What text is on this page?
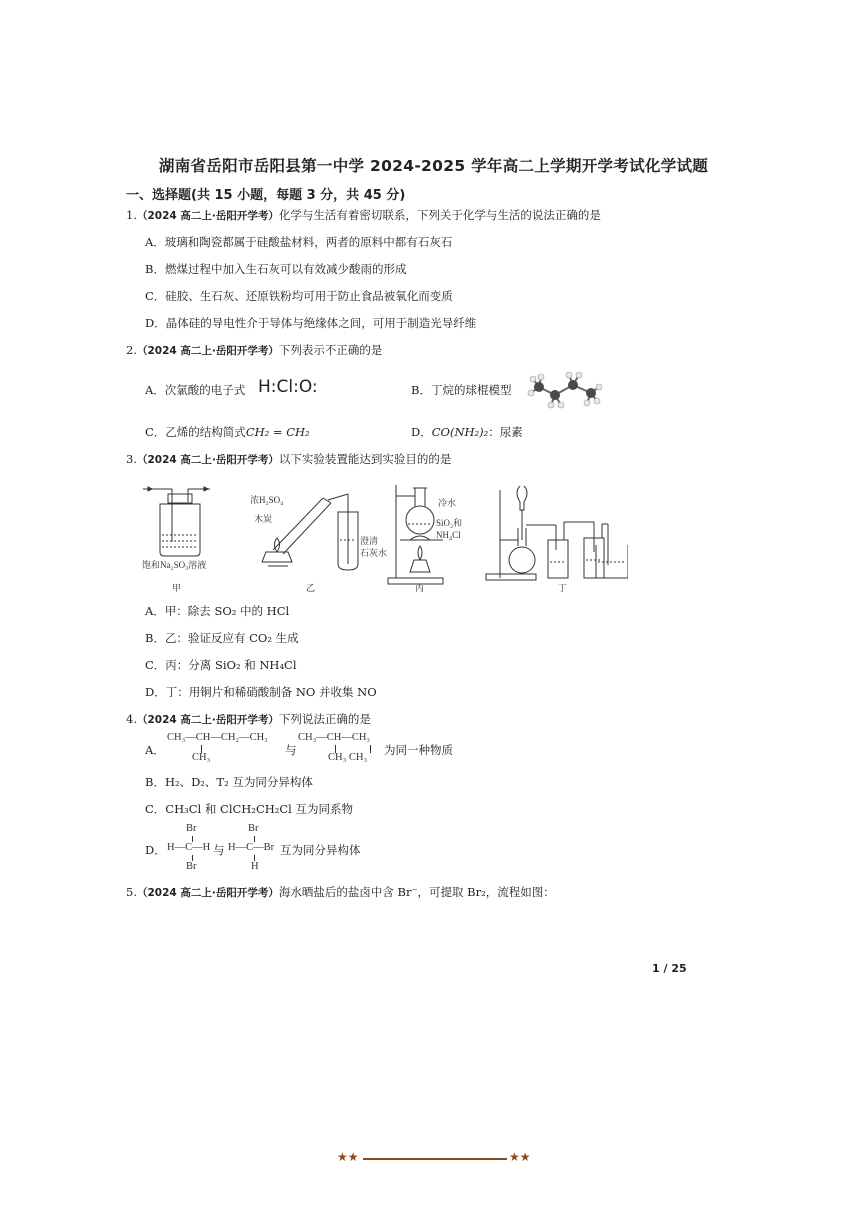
湖南省岳阳市岳阳县第一中学 2024-2025 学年高二上学期开学考试化学试题
一、选择题(共 15 小题，每题 3 分，共 45 分)
1.（2024 高二上·岳阳开学考）化学与生活有着密切联系，下列关于化学与生活的说法正确的是
A．玻璃和陶瓷都属于硅酸盐材料，两者的原料中都有石灰石
B．燃煤过程中加入生石灰可以有效减少酸雨的形成
C．硅胶、生石灰、还原铁粉均可用于防止食品被氧化而变质
D．晶体硅的导电性介于导体与绝缘体之间，可用于制造光导纤维
2.（2024 高二上·岳阳开学考）下列表示不正确的是
A．次氯酸的电子式 H:Cl:O:	B．丁烷的球棍模型
C．乙烯的结构简式CH₂ = CH₂	D．CO(NH₂)₂：尿素
3.（2024 高二上·岳阳开学考）以下实验装置能达到实验目的的是
饱和Na₂SO₃溶液
甲
浓H₂SO₄
木炭
乙
冷水
SiO₂和
NH₄Cl
澄清
石灰水
丙	丁
A．甲：除去 SO₂ 中的 HCl
B．乙：验证反应有 CO₂ 生成
C．丙：分离 SiO₂ 和 NH₄Cl
D．丁：用铜片和稀硝酸制备 NO 并收集 NO
4.（2024 高二上·岳阳开学考）下列说法正确的是
A．
CH₃—CH—CH₂—CH₃
CH₃
与
CH₃—CH—CH₃
CH₃ CH₃
为同一种物质
B．H₂、D₂、T₂ 互为同分异构体
C．CH₃Cl 和 ClCH₂CH₂Cl 互为同系物
D．
Br
H—C—H
Br
与
Br
H—C—Br
H
互为同分异构体
5.（2024 高二上·岳阳开学考）海水晒盐后的盐卤中含 Br⁻，可提取 Br₂，流程如图：
1 / 25
★★	★★
